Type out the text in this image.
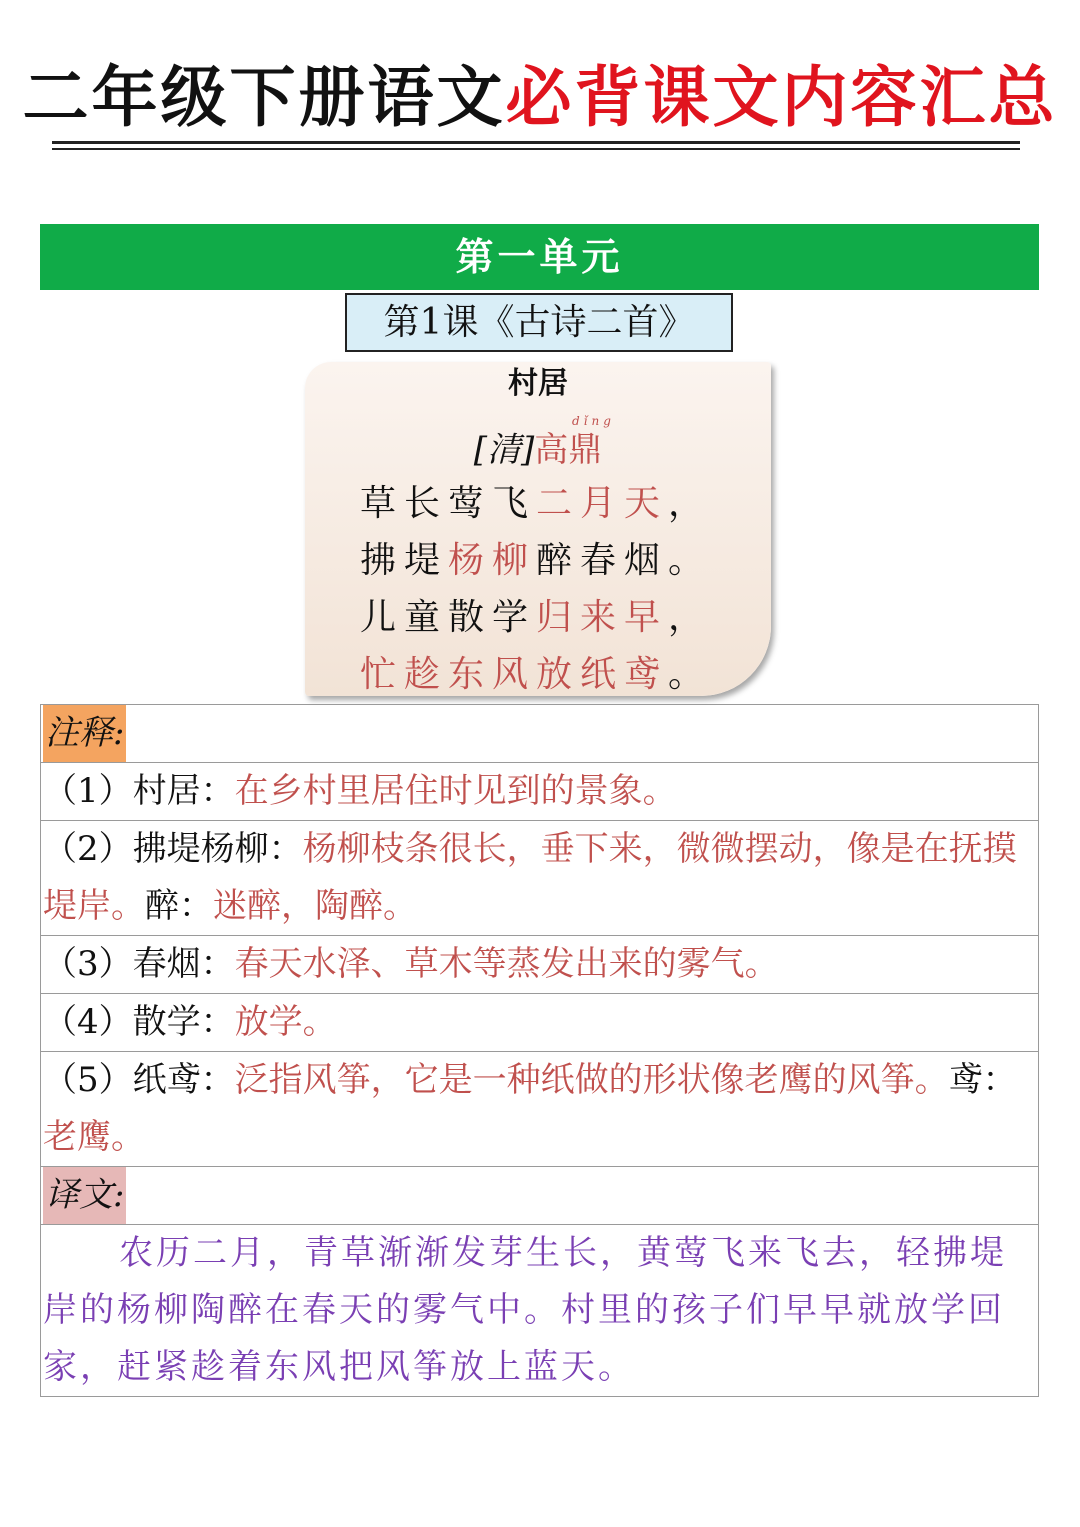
二年级下册语文必背课文内容汇总
第一单元
第1课《古诗二首》
村居
dǐng
[清]高鼎
草长莺飞二月天，
拂堤杨柳醉春烟。
儿童散学归来早，
忙趁东风放纸鸢。
注释:
（1）村居：在乡村里居住时见到的景象。
（2）拂堤杨柳：杨柳枝条很长，垂下来，微微摆动，像是在抚摸堤岸。醉：迷醉，陶醉。
（3）春烟：春天水泽、草木等蒸发出来的雾气。
（4）散学：放学。
（5）纸鸢：泛指风筝，它是一种纸做的形状像老鹰的风筝。鸢：老鹰。
译文:
农历二月，青草渐渐发芽生长，黄莺飞来飞去，轻拂堤岸的杨柳陶醉在春天的雾气中。村里的孩子们早早就放学回家，赶紧趁着东风把风筝放上蓝天。
